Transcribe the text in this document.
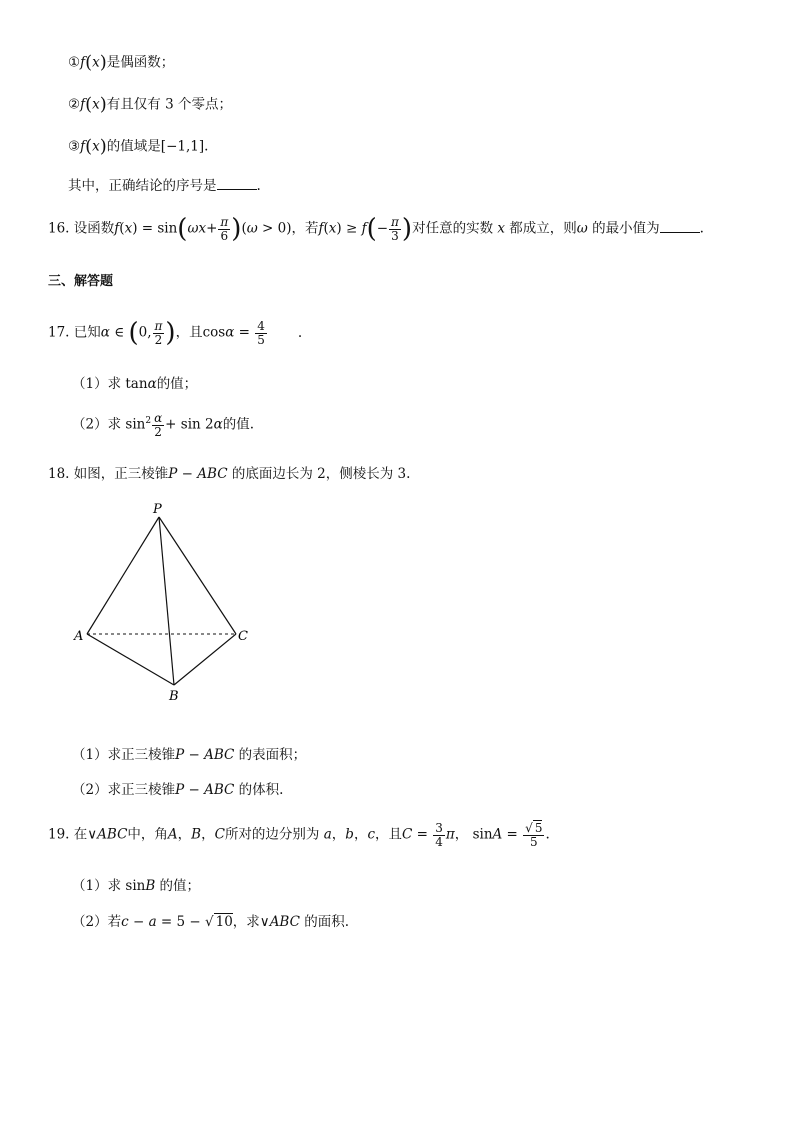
①f(x)是偶函数；
②f(x)有且仅有 3 个零点；
③f(x)的值域是[−1,1].
其中，正确结论的序号是	.
16. 设函数$f(x) = \sin(\omega x+ \frac{\pi}{6} )(\omega > 0)$，若$f(x) \ge f(- \frac{\pi}{3}$ )对任意的实数 x 都成立，则ω 的最小值为	.
三、解答题
17. 已知α ∈ (0, $\frac{\pi}{2}$ )，且$\cos\alpha = \frac{4}{5}$ .
（1）求 tanα的值；
（2）求 $\sin^2 \frac{\alpha}{2} + \sin 2\alpha$的值.
18. 如图，正三棱锥P − ABC 的底面边长为 2，侧棱长为 3.
P
A	C
B
（1）求正三棱锥P − ABC 的表面积；
（2）求正三棱锥P − ABC 的体积.
19. 在∨ABC中，角A，B，C所对的边分别为 a，b，c，且$C = \frac{3}{4}$ π， $\sin A = \frac{√ 5}{5}$ .
（1）求 sinB 的值；
（2）若c − a = 5 − √ 10，求∨ABC 的面积.
